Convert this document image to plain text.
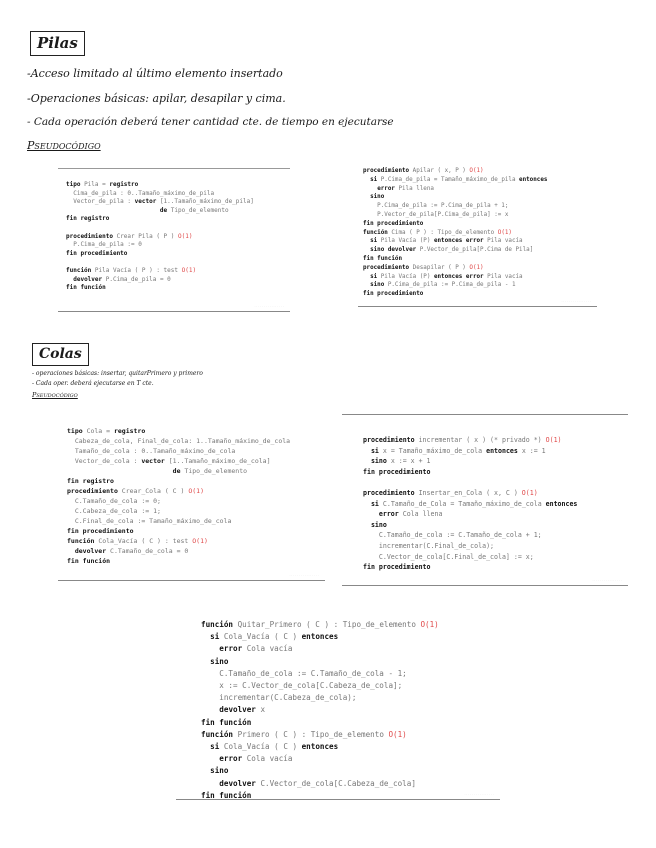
Pilas
-Acceso limitado al último elemento insertado
-Operaciones básicas: apilar, desapilar y cima.
- Cada operación deberá tener cantidad cte. de tiempo en ejecutarse
Pseudocódigo
tipo Pila = registro
Cima_de_pila : 0..Tamaño_máximo_de_pila
Vector_de_pila : vector [1..Tamaño_máximo_de_pila]
de Tipo_de_elemento
fin registro

procedimiento Crear Pila ( P ) O(1)
P.Cima_de_pila := 0
fin procedimiento

función Pila Vacía ( P ) : test O(1)
devolver P.Cima_de_pila = 0
fin función
· · · · · · · · · · · · · · · ·
procedimiento Apilar ( x, P ) O(1)
si P.Cima_de_pila = Tamaño_máximo_de_pila entonces
error Pila llena
sino
P.Cima_de_pila := P.Cima_de_pila + 1;
P.Vector_de_pila[P.Cima_de_pila] := x
fin procedimiento
función Cima ( P ) : Tipo_de_elemento O(1)
si Pila Vacía (P) entonces error Pila vacía
sino devolver P.Vector_de_pila[P.Cima de Pila]
fin función
procedimiento Desapilar ( P ) O(1)
si Pila Vacía (P) entonces error Pila vacía
sino P.Cima_de_pila := P.Cima_de_pila - 1
fin procedimiento
· · · · · · · · · · · · · · · ·
Colas
- operaciones básicas: insertar, quitarPrimero y primero
- Cada oper. deberá ejecutarse en T cte.
Pseudocódigo
tipo Cola = registro
Cabeza_de_cola, Final_de_cola: 1..Tamaño_máximo_de_cola
Tamaño_de_cola : 0..Tamaño_máximo_de_cola
Vector_de_cola : vector [1..Tamaño_máximo_de_cola]
de Tipo_de_elemento
fin registro
procedimiento Crear_Cola ( C ) O(1)
C.Tamaño_de_cola := 0;
C.Cabeza_de_cola := 1;
C.Final_de_cola := Tamaño_máximo_de_cola
fin procedimiento
función Cola_Vacía ( C ) : test O(1)
devolver C.Tamaño_de_cola = 0
fin función
· · · · · · · · · · · · · · · ·
procedimiento incrementar ( x ) (* privado *) O(1)
si x = Tamaño_máximo_de_cola entonces x := 1
sino x := x + 1
fin procedimiento

procedimiento Insertar_en_Cola ( x, C ) O(1)
si C.Tamaño_de_Cola = Tamaño_máximo_de_cola entonces
error Cola llena
sino
C.Tamaño_de_cola := C.Tamaño_de_cola + 1;
incrementar(C.Final_de_cola);
C.Vector_de_cola[C.Final_de_cola] := x;
fin procedimiento
· · · · · · · · · · · · · · · ·
función Quitar_Primero ( C ) : Tipo_de_elemento O(1)
si Cola_Vacía ( C ) entonces
error Cola vacía
sino
C.Tamaño_de_cola := C.Tamaño_de_cola - 1;
x := C.Vector_de_cola[C.Cabeza_de_cola];
incrementar(C.Cabeza_de_cola);
devolver x
fin función
función Primero ( C ) : Tipo_de_elemento O(1)
si Cola_Vacía ( C ) entonces
error Cola vacía
sino
devolver C.Vector_de_cola[C.Cabeza_de_cola]
fin función	· · · · · · · · · · · · · · · ·
